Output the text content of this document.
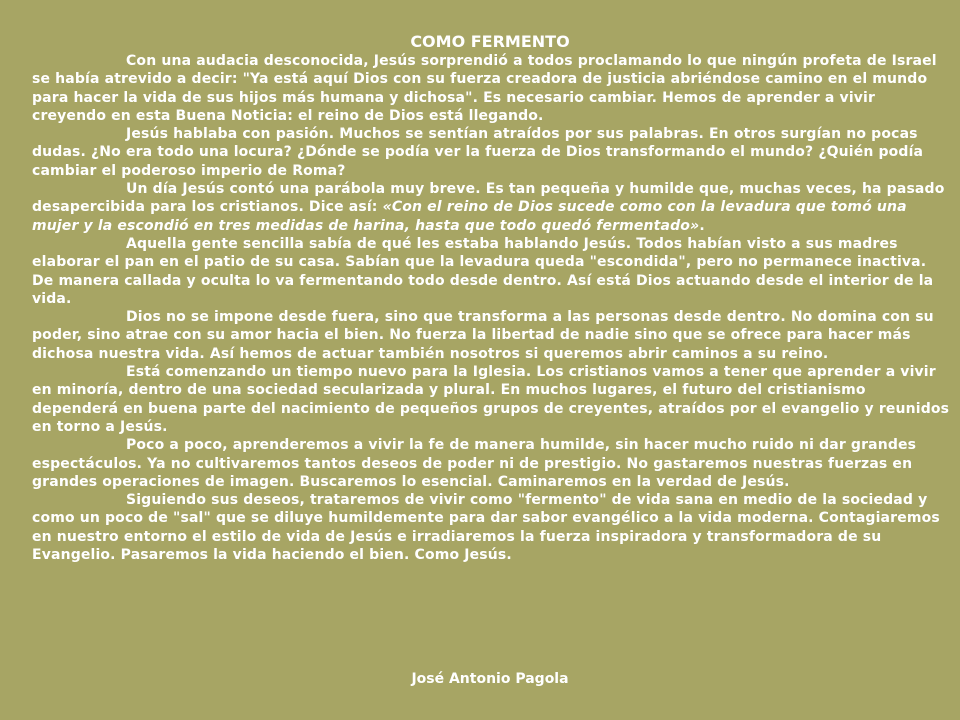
COMO FERMENTO

Con una audacia desconocida, Jesús sorprendió a todos proclamando lo que ningún profeta de Israel se había atrevido a decir: "Ya está aquí Dios con su fuerza creadora de justicia abriéndose camino en el mundo para hacer la vida de sus hijos más humana y dichosa". Es necesario cambiar. Hemos de aprender a vivir creyendo en esta Buena Noticia: el reino de Dios está llegando.

Jesús hablaba con pasión. Muchos se sentían atraídos por sus palabras. En otros surgían no pocas dudas. ¿No era todo una locura? ¿Dónde se podía ver la fuerza de Dios transformando el mundo? ¿Quién podía cambiar el poderoso imperio de Roma?

Un día Jesús contó una parábola muy breve. Es tan pequeña y humilde que, muchas veces, ha pasado desapercibida para los cristianos. Dice así: «Con el reino de Dios sucede como con la levadura que tomó una mujer y la escondió en tres medidas de harina, hasta que todo quedó fermentado».

Aquella gente sencilla sabía de qué les estaba hablando Jesús. Todos habían visto a sus madres elaborar el pan en el patio de su casa. Sabían que la levadura queda "escondida", pero no permanece inactiva. De manera callada y oculta lo va fermentando todo desde dentro. Así está Dios actuando desde el interior de la vida.

Dios no se impone desde fuera, sino que transforma a las personas desde dentro. No domina con su poder, sino atrae con su amor hacia el bien. No fuerza la libertad de nadie sino que se ofrece para hacer más dichosa nuestra vida. Así hemos de actuar también nosotros si queremos abrir caminos a su reino.

Está comenzando un tiempo nuevo para la Iglesia. Los cristianos vamos a tener que aprender a vivir en minoría, dentro de una sociedad secularizada y plural. En muchos lugares, el futuro del cristianismo dependerá en buena parte del nacimiento de pequeños grupos de creyentes, atraídos por el evangelio y reunidos en torno a Jesús.

Poco a poco, aprenderemos a vivir la fe de manera humilde, sin hacer mucho ruido ni dar grandes espectáculos. Ya no cultivaremos tantos deseos de poder ni de prestigio. No gastaremos nuestras fuerzas en grandes operaciones de imagen. Buscaremos lo esencial. Caminaremos en la verdad de Jesús.

Siguiendo sus deseos, trataremos de vivir como "fermento" de vida sana en medio de la sociedad y como un poco de "sal" que se diluye humildemente para dar sabor evangélico a la vida moderna. Contagiaremos en nuestro entorno el estilo de vida de Jesús e irradiaremos la fuerza inspiradora y transformadora de su Evangelio. Pasaremos la vida haciendo el bien. Como Jesús.

José Antonio Pagola
